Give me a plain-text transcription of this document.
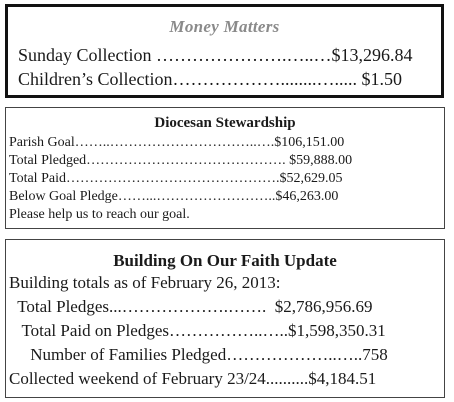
Money Matters
Sunday Collection ………………….…..…$13,296.84
Children’s Collection………………........…..... $1.50
Diocesan Stewardship
Parish Goal……..…………………………..….$106,151.00
Total Pledged……………………………………. $59,888.00
Total Paid……………………………………….$52,629.05
Below Goal Pledge……...……………………..$46,263.00
Please help us to reach our goal.
Building On Our Faith Update
Building totals as of February 26, 2013:
Total Pledges...……………….…….  $2,786,956.69
Total Paid on Pledges……………..…..$1,598,350.31
Number of Families Pledged………………..…..758
Collected weekend of February 23/24..........$4,184.51
